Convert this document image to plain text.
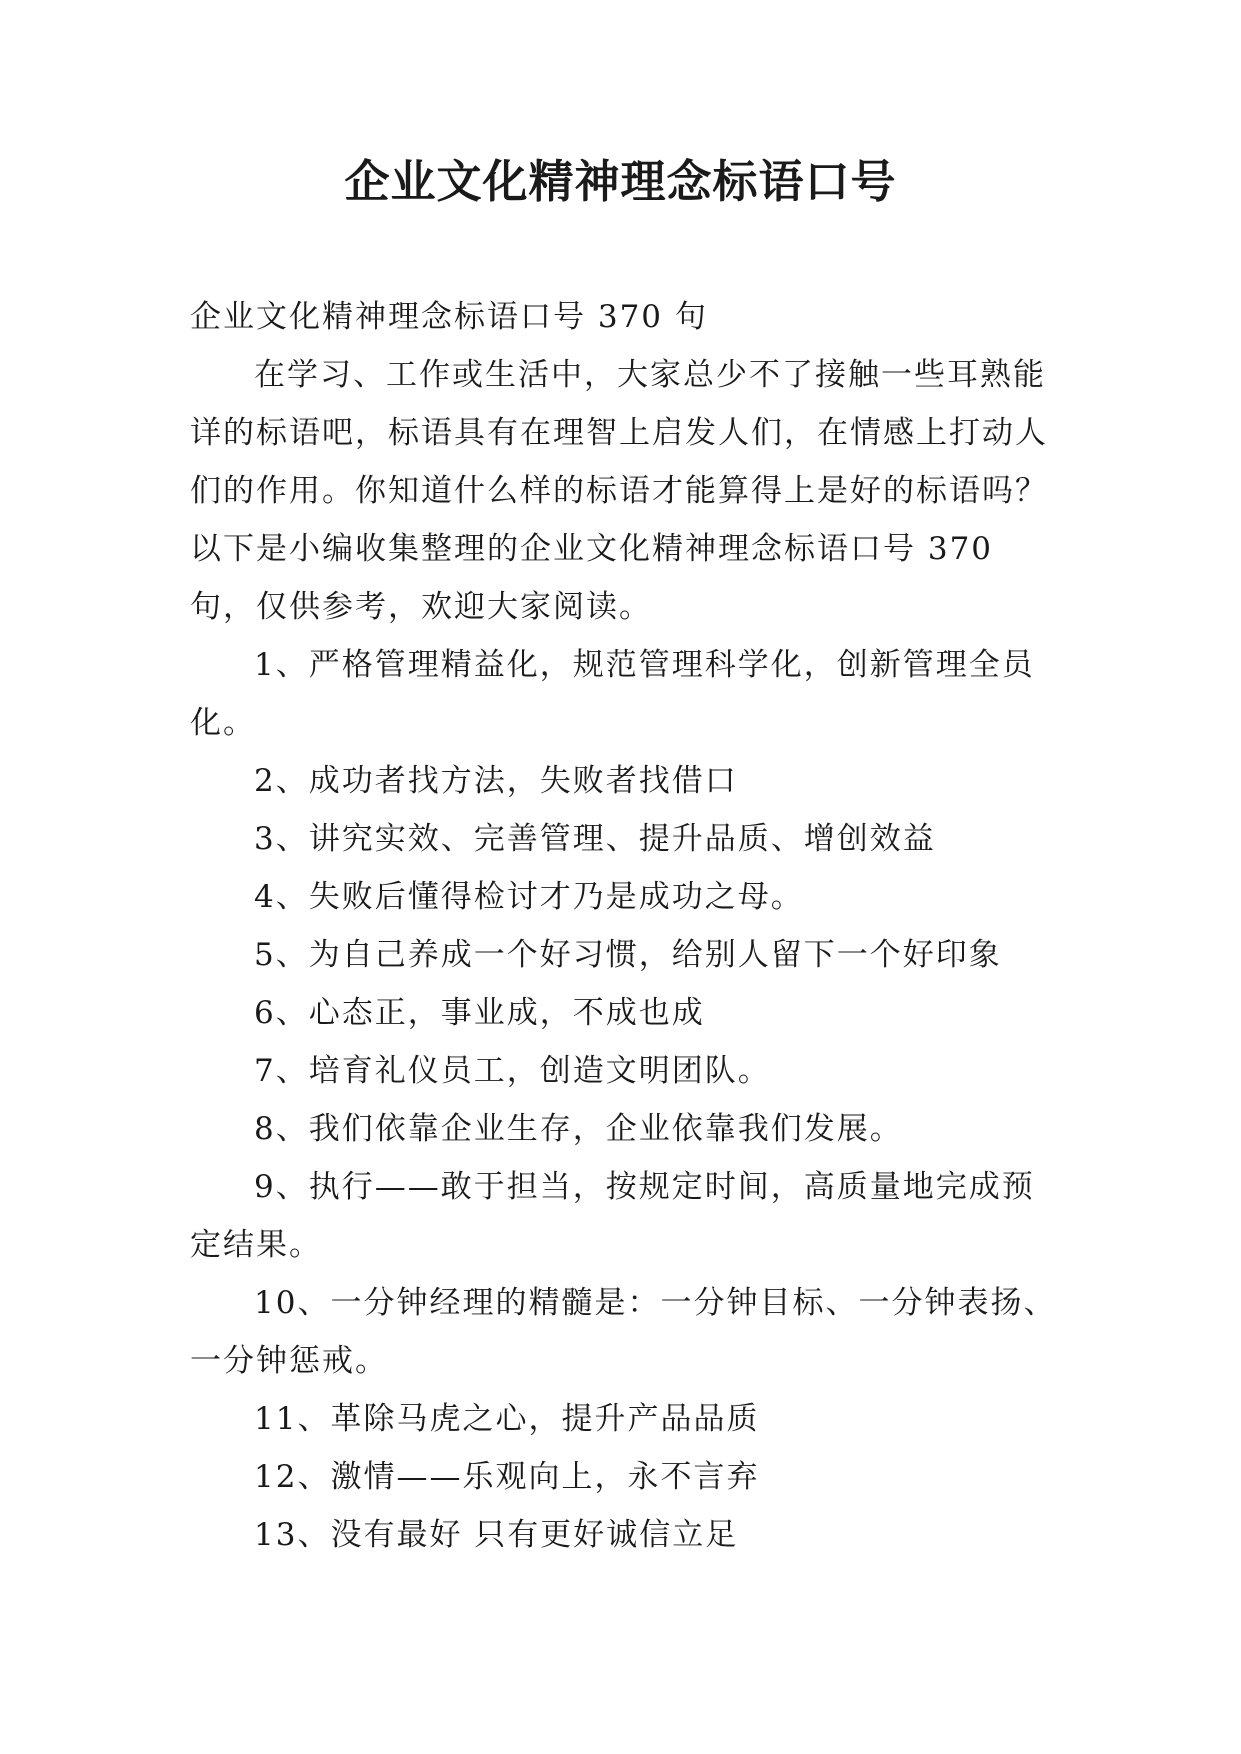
企业文化精神理念标语口号

企业文化精神理念标语口号 370 句

在学习、工作或生活中，大家总少不了接触一些耳熟能详的标语吧，标语具有在理智上启发人们，在情感上打动人们的作用。你知道什么样的标语才能算得上是好的标语吗？以下是小编收集整理的企业文化精神理念标语口号 370 句，仅供参考，欢迎大家阅读。

1、严格管理精益化，规范管理科学化，创新管理全员化。

2、成功者找方法，失败者找借口

3、讲究实效、完善管理、提升品质、增创效益

4、失败后懂得检讨才乃是成功之母。

5、为自己养成一个好习惯，给别人留下一个好印象

6、心态正，事业成，不成也成

7、培育礼仪员工，创造文明团队。

8、我们依靠企业生存，企业依靠我们发展。

9、执行——敢于担当，按规定时间，高质量地完成预定结果。

10、一分钟经理的精髓是：一分钟目标、一分钟表扬、一分钟惩戒。

11、革除马虎之心，提升产品品质

12、激情——乐观向上，永不言弃

13、没有最好 只有更好诚信立足
